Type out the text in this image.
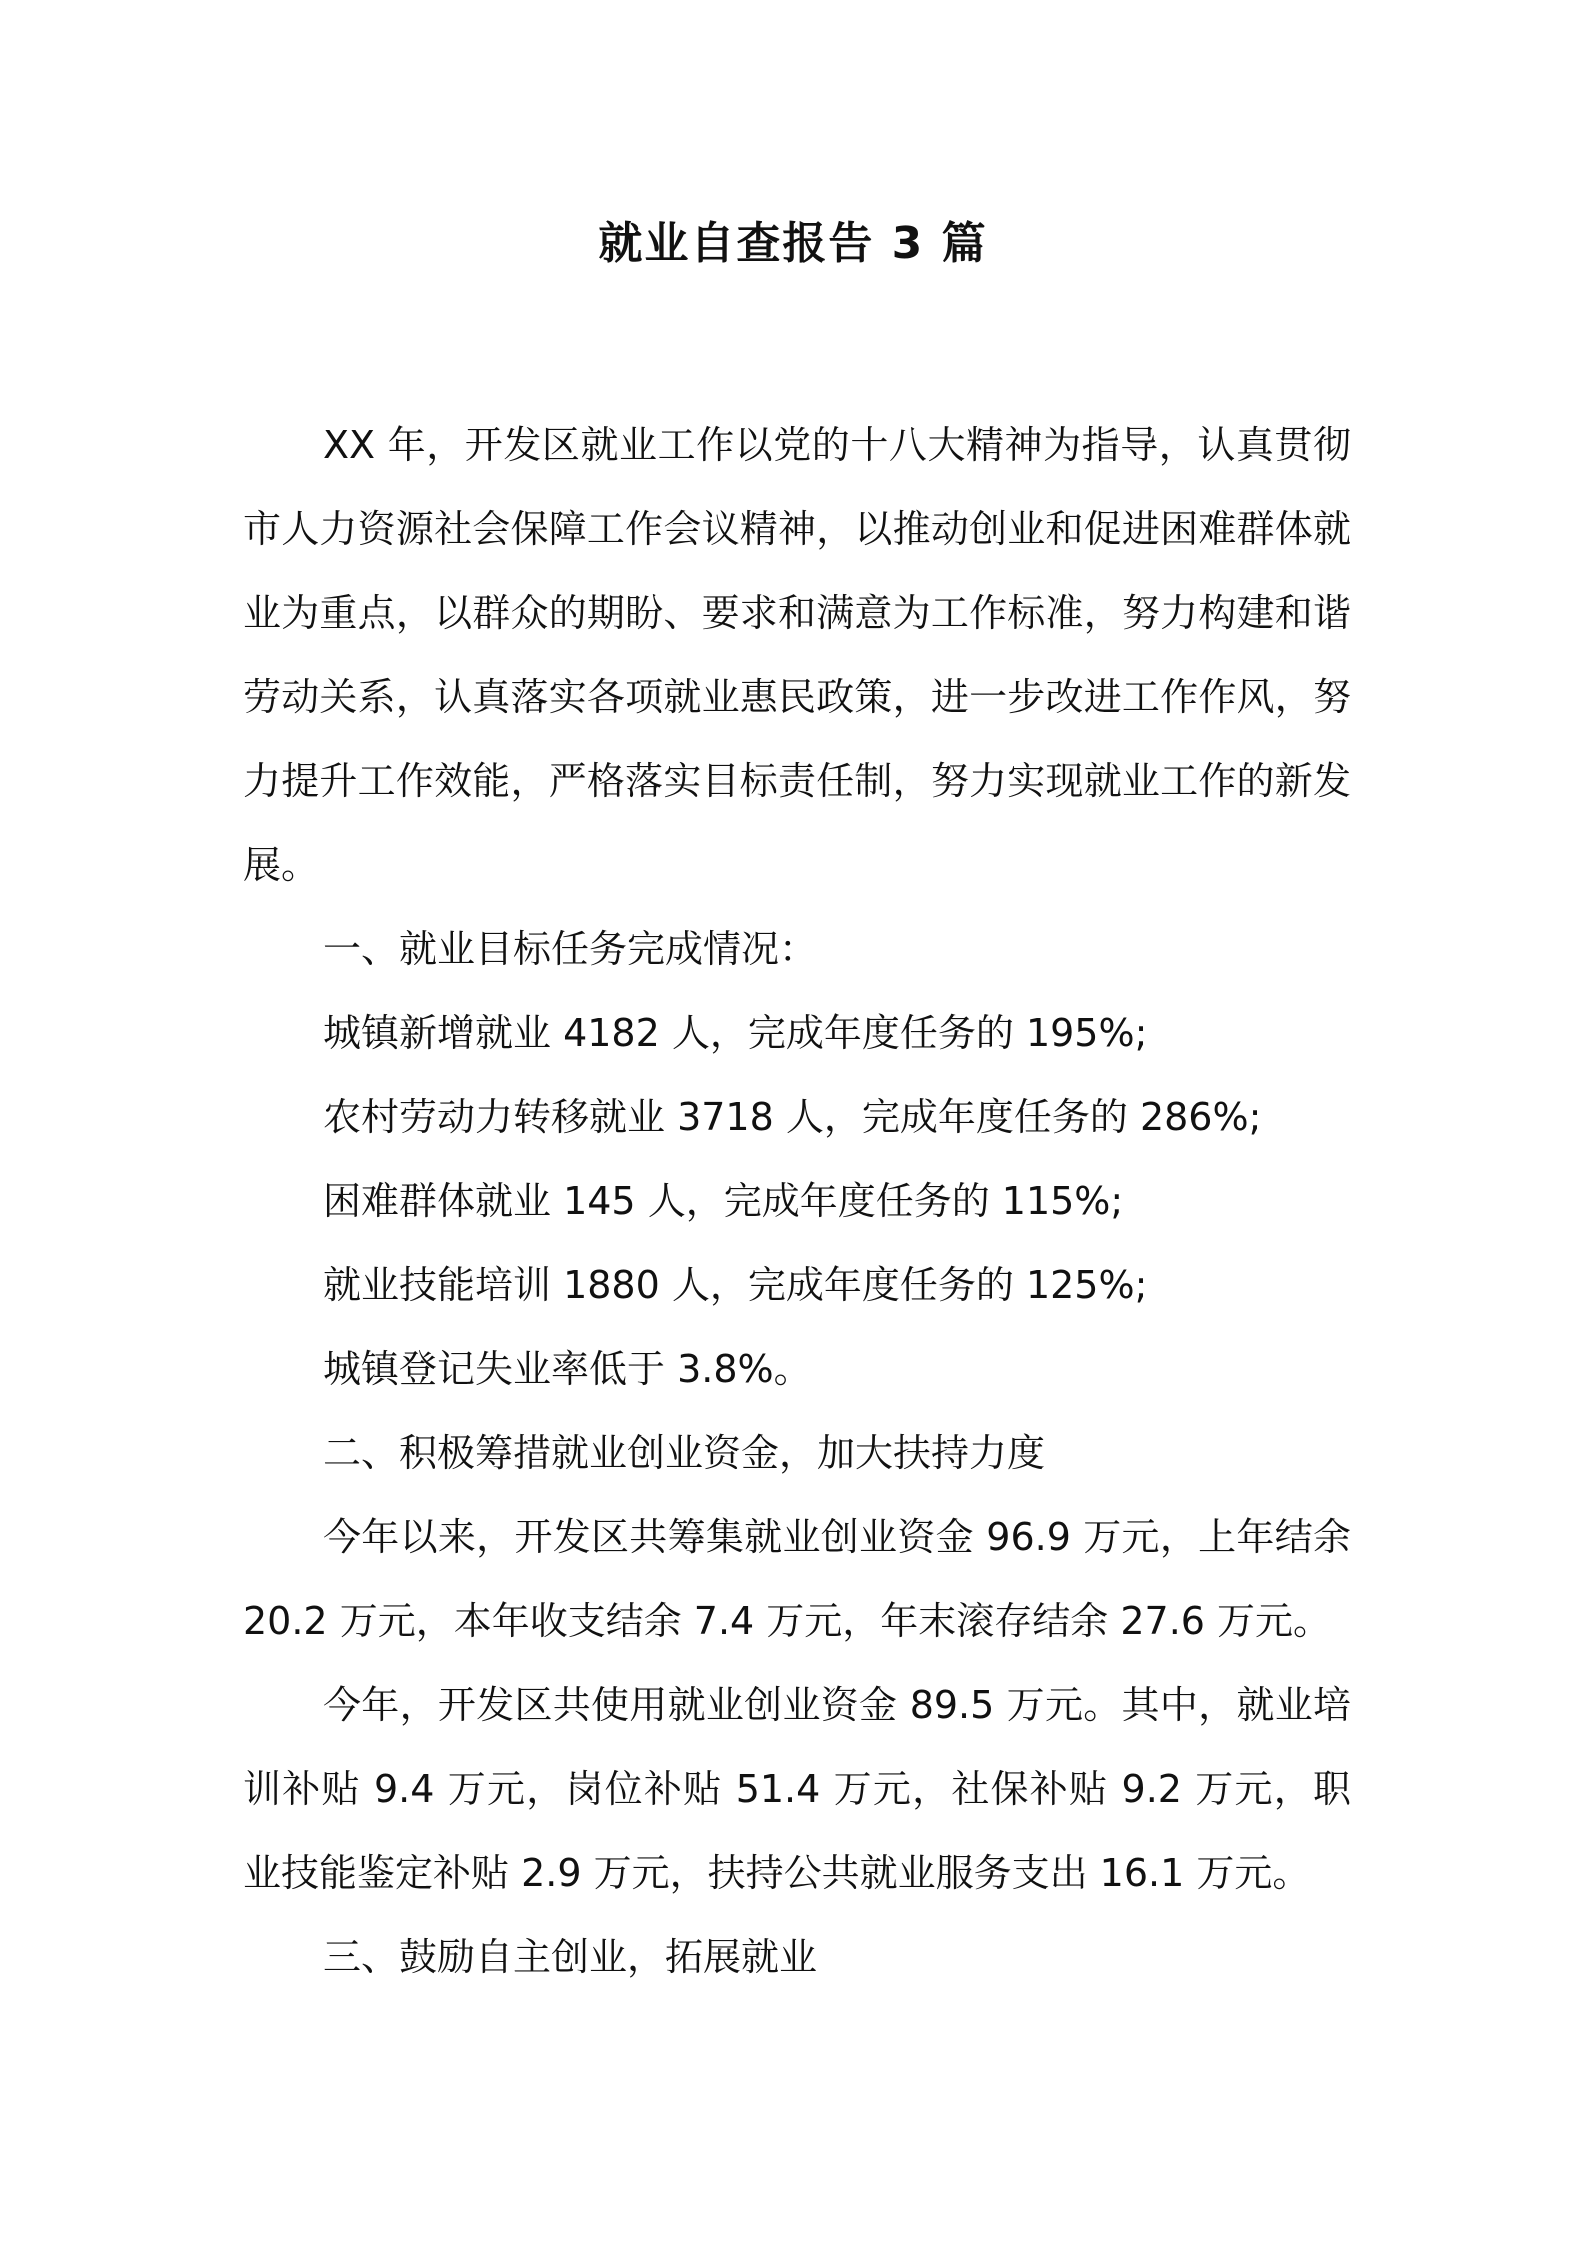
就业自查报告 3 篇

XX 年，开发区就业工作以党的十八大精神为指导，认真贯彻市人力资源社会保障工作会议精神，以推动创业和促进困难群体就业为重点，以群众的期盼、要求和满意为工作标准，努力构建和谐劳动关系，认真落实各项就业惠民政策，进一步改进工作作风，努力提升工作效能，严格落实目标责任制，努力实现就业工作的新发展。

一、就业目标任务完成情况：

城镇新增就业 4182 人，完成年度任务的 195%;

农村劳动力转移就业 3718 人，完成年度任务的 286%;

困难群体就业 145 人，完成年度任务的 115%;

就业技能培训 1880 人，完成年度任务的 125%;

城镇登记失业率低于 3.8%。

二、积极筹措就业创业资金，加大扶持力度

今年以来，开发区共筹集就业创业资金 96.9 万元，上年结余 20.2 万元，本年收支结余 7.4 万元，年末滚存结余 27.6 万元。

今年，开发区共使用就业创业资金 89.5 万元。其中，就业培训补贴 9.4 万元，岗位补贴 51.4 万元，社保补贴 9.2 万元，职业技能鉴定补贴 2.9 万元，扶持公共就业服务支出 16.1 万元。

三、鼓励自主创业，拓展就业
